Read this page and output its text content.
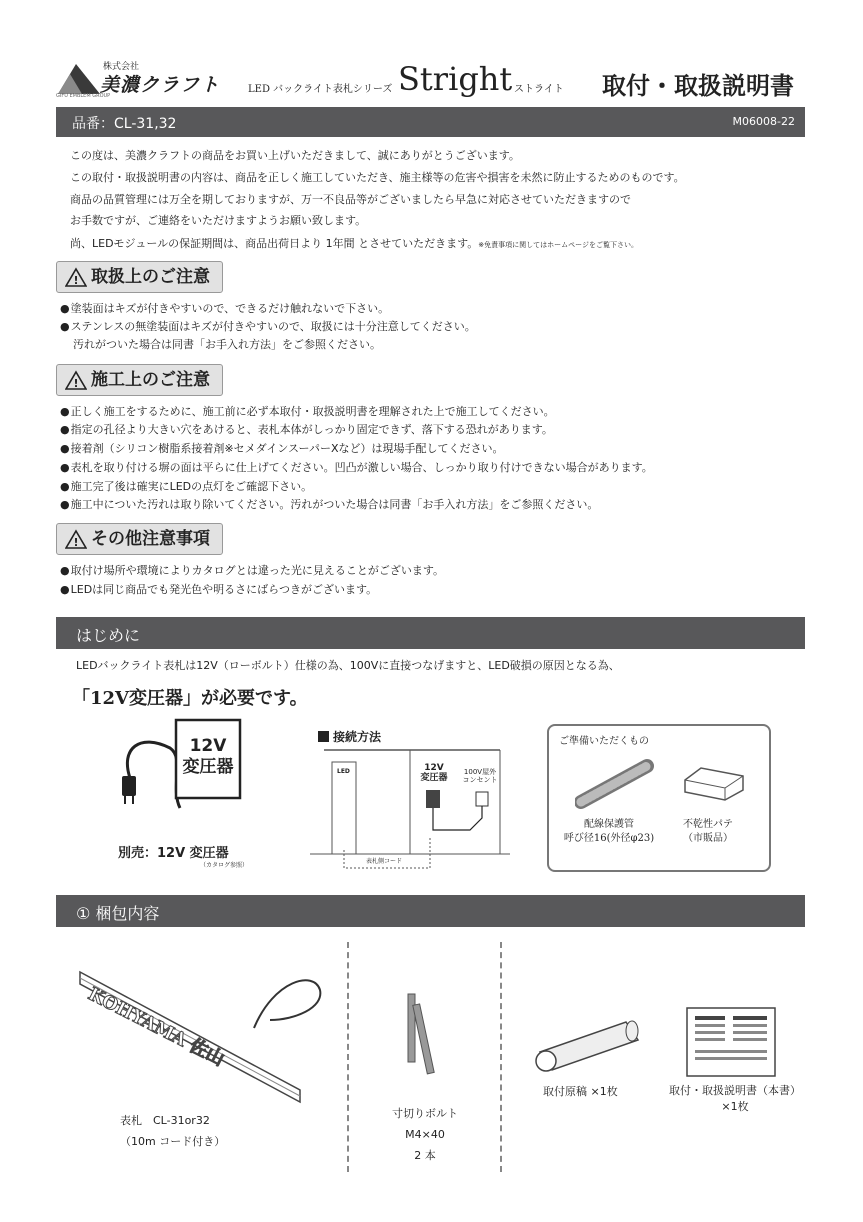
株式会社
美濃クラフト
GIFU EMBLEM GROUP
LED バックライト表札シリーズ Stright ストライト 取付・取扱説明書
品番：CL-31,32	M06008-22
この度は、美濃クラフトの商品をお買い上げいただきまして、誠にありがとうございます。
この取付・取扱説明書の内容は、商品を正しく施工していただき、施主様等の危害や損害を未然に防止するためのものです。
商品の品質管理には万全を期しておりますが、万一不良品等がございましたら早急に対応させていただきますので
お手数ですが、ご連絡をいただけますようお願い致します。
尚、LEDモジュールの保証期間は、商品出荷日より 1年間 とさせていただきます。※免責事項に関してはホームページをご覧下さい。
! 取扱上のご注意
● 塗装面はキズが付きやすいので、できるだけ触れないで下さい。
● ステンレスの無塗装面はキズが付きやすいので、取扱には十分注意してください。
汚れがついた場合は同書「お手入れ方法」をご参照ください。
! 施工上のご注意
● 正しく施工をするために、施工前に必ず本取付・取扱説明書を理解された上で施工してください。
● 指定の孔径より大きい穴をあけると、表札本体がしっかり固定できず、落下する恐れがあります。
● 接着剤（シリコン樹脂系接着剤※セメダインスーパーXなど）は現場手配してください。
● 表札を取り付ける塀の面は平らに仕上げてください。凹凸が激しい場合、しっかり取り付けできない場合があります。
● 施工完了後は確実にLEDの点灯をご確認下さい。
● 施工中についた汚れは取り除いてください。汚れがついた場合は同書「お手入れ方法」をご参照ください。
! その他注意事項
● 取付け場所や環境によりカタログとは違った光に見えることがございます。
● LEDは同じ商品でも発光色や明るさにばらつきがございます。
はじめに
LEDバックライト表札は12V（ローボルト）仕様の為、100Vに直接つなげますと、LED破損の原因となる為、
「12V変圧器」が必要です。
12V
変圧器
別売：12V 変圧器
（カタログ参照）
接続方法
LED	12V
変圧器
100V屋外
コンセント
表札側コード
ご準備いただくもの
配線保護管
呼び径16(外径φ23)
不乾性パテ
（市販品）
① 梱包内容
KOHYAMA 佐山
表札　CL-31or32
（10m コード付き）
寸切りボルト
M4×40
2 本
取付原稿 ×1枚	取付・取扱説明書（本書）
×1枚
